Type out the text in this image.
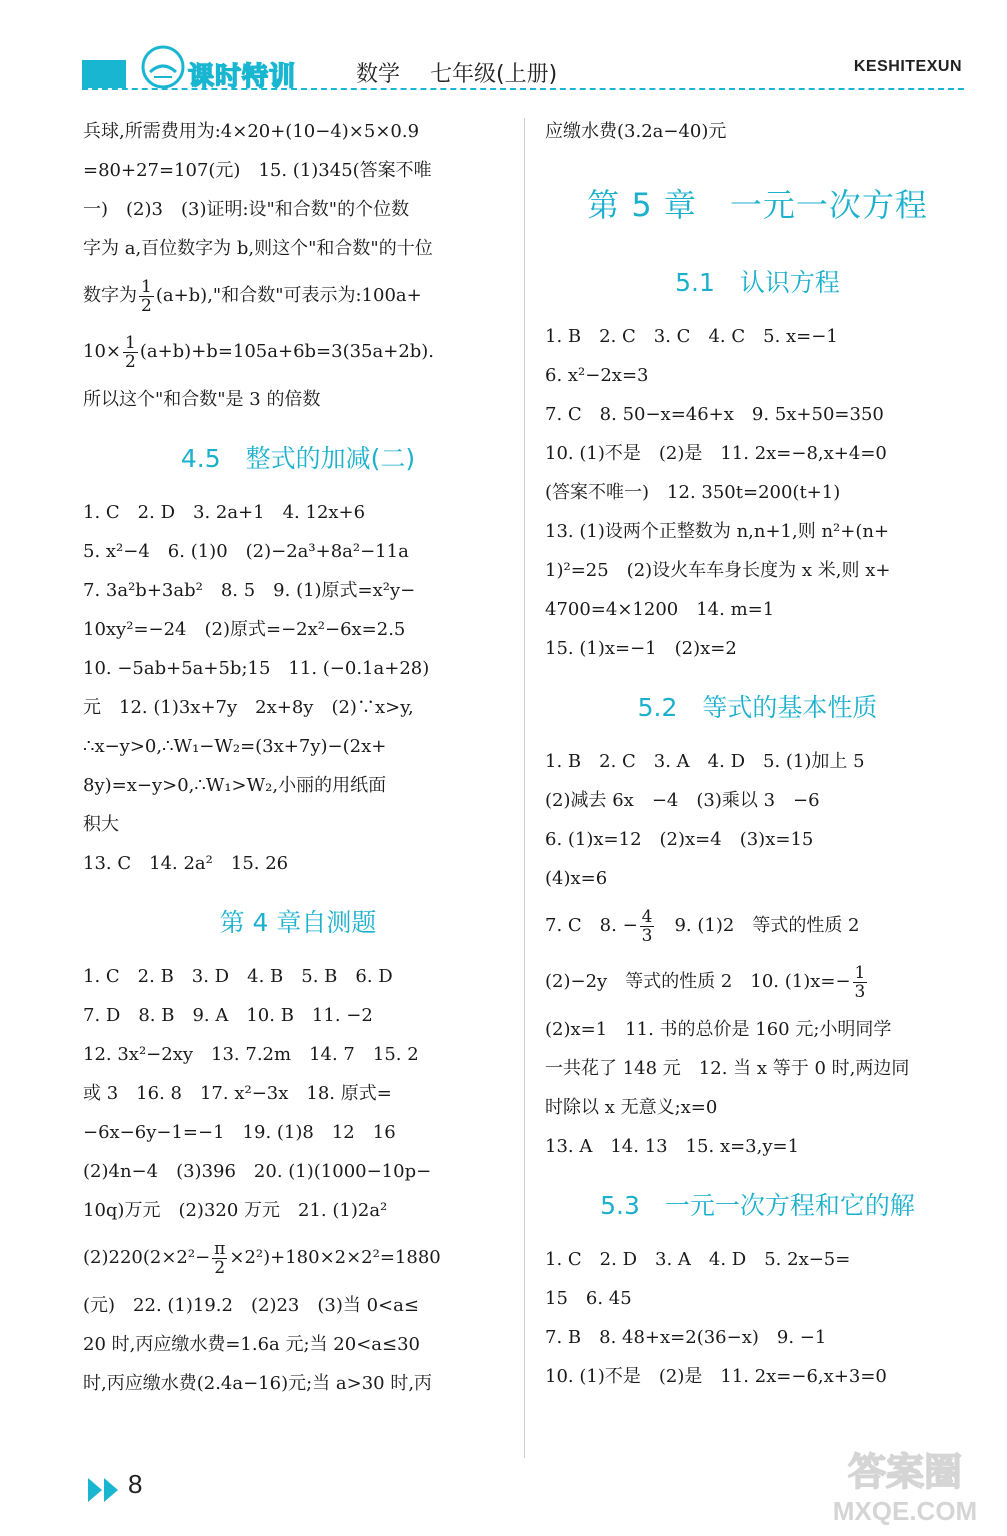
课时特训	数学 七年级(上册)	KESHITEXUN

兵球,所需费用为:4×20+(10−4)×5×0.9

=80+27=107(元)　15. (1)345(答案不唯

一)　(2)3　(3)证明:设"和合数"的个位数

字为 a,百位数字为 b,则这个"和合数"的十位

数字为 $\frac{1}{2} (a+b)$,"和合数"可表示为:100a+

$10\times \frac{1}{2} (a+b)+b=105a+6b=3(35a+2b)$.

所以这个"和合数"是 3 的倍数

4.5　整式的加减(二)

1. C　2. D　3. 2a+1　4. 12x+6

5. x²−4　6. (1)0　(2)−2a³+8a²−11a

7. 3a²b+3ab²　8. 5　9. (1)原式=x²y−

10xy²=−24　(2)原式=−2x²−6x=2.5

10. −5ab+5a+5b;15　11. (−0.1a+28)

元　12. (1)3x+7y　2x+8y　(2)∵x>y,

∴x−y>0,∴W₁−W₂=(3x+7y)−(2x+

8y)=x−y>0,∴W₁>W₂,小丽的用纸面

积大

13. C　14. 2a²　15. 26

第 4 章自测题

1. C　2. B　3. D　4. B　5. B　6. D

7. D　8. B　9. A　10. B　11. −2

12. 3x²−2xy　13. 7.2m　14. 7　15. 2

或 3　16. 8　17. x²−3x　18. 原式=

−6x−6y−1=−1　19. (1)8　12　16

(2)4n−4　(3)396　20. (1)(1000−10p−

10q)万元　(2)320 万元　21. (1)2a²

$(2)220(2\times 2^2- \frac{\pi}{2} \times 2^2)+180\times 2\times 2^2=1880$

(元)　22. (1)19.2　(2)23　(3)当 0<a≤

20 时,丙应缴水费=1.6a 元;当 20<a≤30

时,丙应缴水费(2.4a−16)元;当 a>30 时,丙

应缴水费(3.2a−40)元

第 5 章　一元一次方程
5.1　认识方程

1. B　2. C　3. C　4. C　5. x=−1

6. x²−2x=3

7. C　8. 50−x=46+x　9. 5x+50=350

10. (1)不是　(2)是　11. 2x=−8,x+4=0

(答案不唯一)　12. 350t=200(t+1)

13. (1)设两个正整数为 n,n+1,则 n²+(n+

1)²=25　(2)设火车车身长度为 x 米,则 x+

4700=4×1200　14. m=1

15. (1)x=−1　(2)x=2

5.2　等式的基本性质

1. B　2. C　3. A　4. D　5. (1)加上 5

(2)减去 6x　−4　(3)乘以 3　−6

6. (1)x=12　(2)x=4　(3)x=15

(4)x=6

7. C　8. − $\frac{4}{3}$ 　9. (1)2　等式的性质 2

(2)−2y　等式的性质 2　10. $(1)x=- \frac{1}{3}$

(2)x=1　11. 书的总价是 160 元;小明同学

一共花了 148 元　12. 当 x 等于 0 时,两边同

时除以 x 无意义;x=0

13. A　14. 13　15. x=3,y=1

5.3　一元一次方程和它的解

1. C　2. D　3. A　4. D　5. 2x−5=

15　6. 45

7. B　8. 48+x=2(36−x)　9. −1

10. (1)不是　(2)是　11. 2x=−6,x+3=0

8	答案圈
MXQE.COM
